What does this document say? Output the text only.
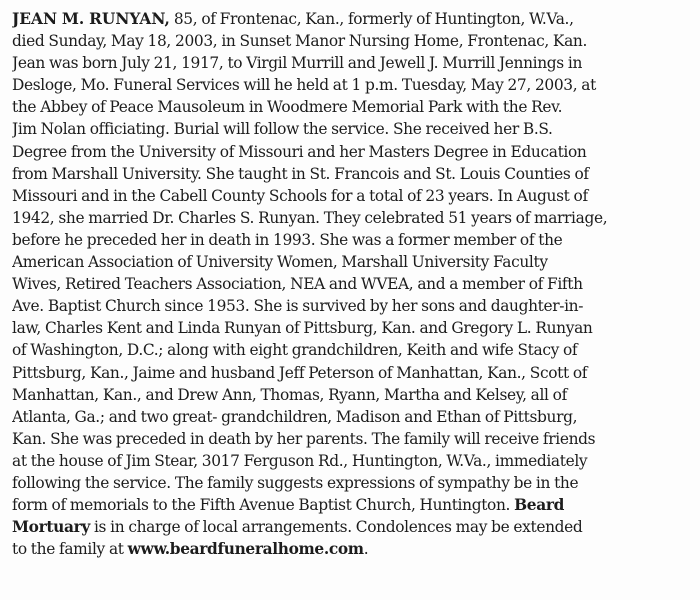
JEAN M. RUNYAN, 85, of Frontenac, Kan., formerly of Huntington, W.Va.,
died Sunday, May 18, 2003, in Sunset Manor Nursing Home, Frontenac, Kan.
Jean was born July 21, 1917, to Virgil Murrill and Jewell J. Murrill Jennings in
Desloge, Mo. Funeral Services will he held at 1 p.m. Tuesday, May 27, 2003, at
the Abbey of Peace Mausoleum in Woodmere Memorial Park with the Rev.
Jim Nolan officiating. Burial will follow the service. She received her B.S.
Degree from the University of Missouri and her Masters Degree in Education
from Marshall University. She taught in St. Francois and St. Louis Counties of
Missouri and in the Cabell County Schools for a total of 23 years. In August of
1942, she married Dr. Charles S. Runyan. They celebrated 51 years of marriage,
before he preceded her in death in 1993. She was a former member of the
American Association of University Women, Marshall University Faculty
Wives, Retired Teachers Association, NEA and WVEA, and a member of Fifth
Ave. Baptist Church since 1953. She is survived by her sons and daughter-in-
law, Charles Kent and Linda Runyan of Pittsburg, Kan. and Gregory L. Runyan
of Washington, D.C.; along with eight grandchildren, Keith and wife Stacy of
Pittsburg, Kan., Jaime and husband Jeff Peterson of Manhattan, Kan., Scott of
Manhattan, Kan., and Drew Ann, Thomas, Ryann, Martha and Kelsey, all of
Atlanta, Ga.; and two great- grandchildren, Madison and Ethan of Pittsburg,
Kan. She was preceded in death by her parents. The family will receive friends
at the house of Jim Stear, 3017 Ferguson Rd., Huntington, W.Va., immediately
following the service. The family suggests expressions of sympathy be in the
form of memorials to the Fifth Avenue Baptist Church, Huntington. Beard
Mortuary is in charge of local arrangements. Condolences may be extended
to the family at www.beardfuneralhome.com.
